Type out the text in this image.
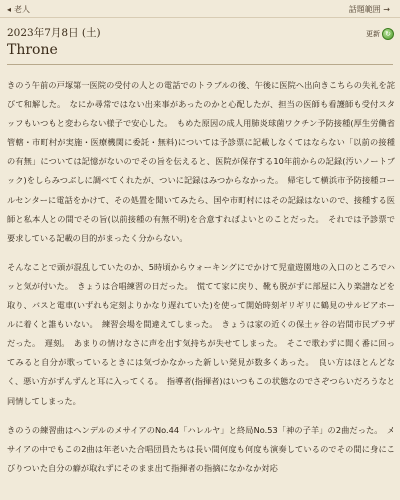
◂ 老人	話題範囲 →
2023年7月8日 (土)
Throne
更新 ↻

きのう午前の戸塚第一医院の受付の人との電話でのトラブルの後、午後に医院へ出向きこちらの失礼を詫びて和解した。　なにか尋常ではない出来事があったのかと心配したが、担当の医師も看護師も受付スタッフもいつもと変わらない様子で安心した。　もめた原因の成人用肺炎球菌ワクチン予防接種(厚生労働省管轄・市町村が実施・医療機関に委託・無料)については予診票に記載しなくてはならない「以前の接種の有無」については記憶がないのでその旨を伝えると、医院が保存する10年前からの記録(汚いノートブック)をしらみつぶしに調べてくれたが、ついに記録はみつからなかった。　帰宅して横浜市予防接種コールセンターに電話をかけて、その処置を聞いてみたら、国や市町村にはその記録はないので、接種する医師と私本人との間でその旨(以前接種の有無不明)を合意すればよいとのことだった。　それでは予診票で要求している記載の目的がまったく分からない。

そんなことで頭が混乱していたのか、5時頃からウォーキングにでかけて児童遊園地の入口のところでハッと気が付いた。　きょうは合唱練習の日だった。　慌てて家に戻り、靴も脱がずに部屋に入り楽譜などを取り、バスと電車(いずれも定刻よりかなり遅れていた)を使って開始時刻ギリギリに鶴見のサルビアホールに着くと誰もいない。　練習会場を間違えてしまった。　きょうは家の近くの保土ヶ谷の岩間市民プラザだった。　遅刻。　あまりの情けなさに声を出す気持ちが失せてしまった。　そこで歌わずに聞く番に回ってみると自分が歌っているときには気づかなかった新しい発見が数多くあった。　良い方はほとんどなく、悪い方がずんずんと耳に入ってくる。　指導者(指揮者)はいつもこの状態なのでさぞつらいだろうなと同情してしまった。

きのうの練習曲はヘンデルのメサイアのNo.44「ハレルヤ」と終局No.53「神の子羊」の2曲だった。　メサイアの中でもこの2曲は年老いた合唱団員たちは長い間何度も何度も演奏しているのでその間に身にこびりついた自分の癖が取れずにそのまま出て指揮者の指摘になかなか対応
